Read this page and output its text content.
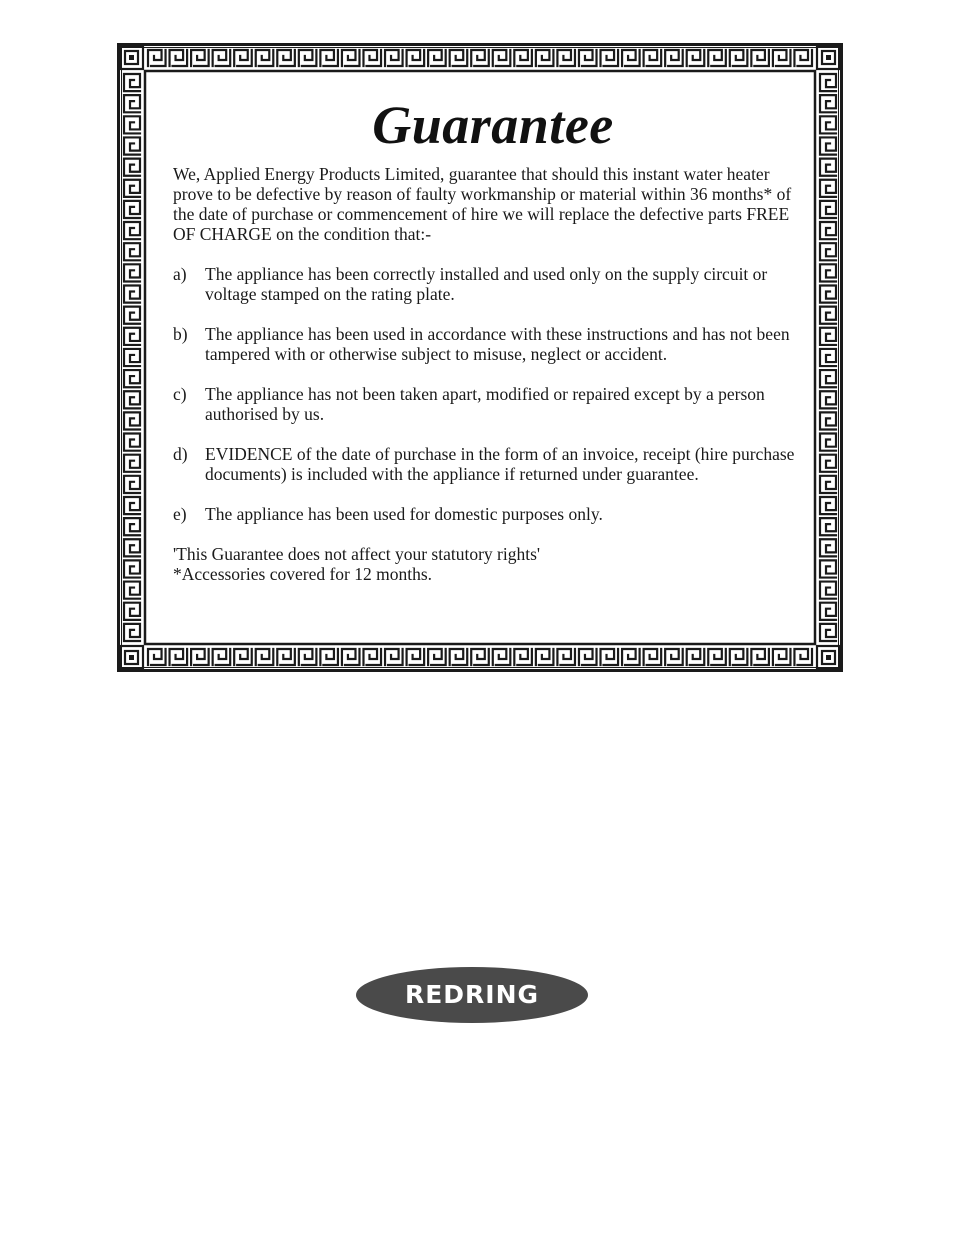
Guarantee

We, Applied Energy Products Limited, guarantee that should this instant water heater prove to be defective by reason of faulty workmanship or material within 36 months* of the date of purchase or commencement of hire we will replace the defective parts FREE OF CHARGE on the condition that:-

a)	The appliance has been correctly installed and used only on the supply circuit or voltage stamped on the rating plate.
b) The appliance has been used in accordance with these instructions and has not been tampered with or otherwise subject to misuse, neglect or accident.
c)	The appliance has not been taken apart, modified or repaired except by a person authorised by us.
d) EVIDENCE of the date of purchase in the form of an invoice, receipt (hire purchase documents) is included with the appliance if returned under guarantee.
e)	The appliance has been used for domestic purposes only.
'This Guarantee does not affect your statutory rights'
*Accessories covered for 12 months.
REDRING
